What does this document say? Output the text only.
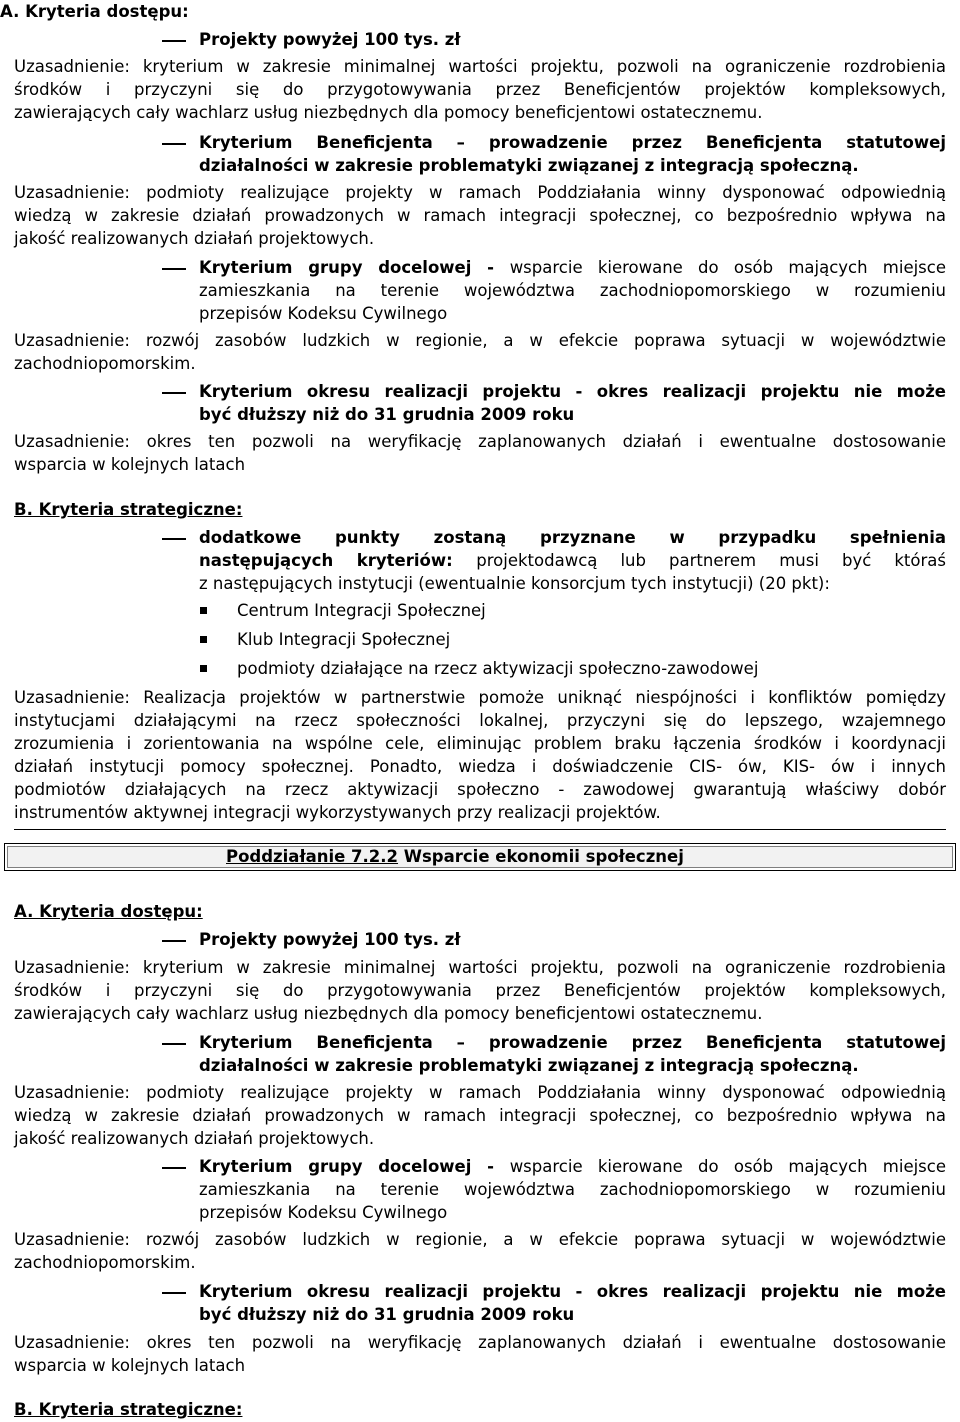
A. Kryteria dostępu:
Projekty powyżej 100 tys. zł
Uzasadnienie: kryterium w zakresie minimalnej wartości projektu, pozwoli na ograniczenie rozdrobienia
środków i przyczyni się do przygotowywania przez Beneficjentów projektów kompleksowych,
zawierających cały wachlarz usług niezbędnych dla pomocy beneficjentowi ostatecznemu.
Kryterium Beneficjenta – prowadzenie przez Beneficjenta statutowej
działalności w zakresie problematyki związanej z integracją społeczną.
Uzasadnienie: podmioty realizujące projekty w ramach Poddziałania winny dysponować odpowiednią
wiedzą w zakresie działań prowadzonych w ramach integracji społecznej, co bezpośrednio wpływa na
jakość realizowanych działań projektowych.
Kryterium grupy docelowej - wsparcie kierowane do osób mających miejsce
zamieszkania na terenie województwa zachodniopomorskiego w rozumieniu
przepisów Kodeksu Cywilnego
Uzasadnienie: rozwój zasobów ludzkich w regionie, a w efekcie poprawa sytuacji w województwie
zachodniopomorskim.
Kryterium okresu realizacji projektu - okres realizacji projektu nie może
być dłuższy niż do 31 grudnia 2009 roku
Uzasadnienie: okres ten pozwoli na weryfikację zaplanowanych działań i ewentualne dostosowanie
wsparcia w kolejnych latach
B. Kryteria strategiczne:
dodatkowe punkty zostaną przyznane w przypadku spełnienia
następujących kryteriów: projektodawcą lub partnerem musi być któraś
z następujących instytucji (ewentualnie konsorcjum tych instytucji) (20 pkt):
Centrum Integracji Społecznej
Klub Integracji Społecznej
podmioty działające na rzecz aktywizacji społeczno-zawodowej
Uzasadnienie: Realizacja projektów w partnerstwie pomoże uniknąć niespójności i konfliktów pomiędzy
instytucjami działającymi na rzecz społeczności lokalnej, przyczyni się do lepszego, wzajemnego
zrozumienia i zorientowania na wspólne cele, eliminując problem braku łączenia środków i koordynacji
działań instytucji pomocy społecznej. Ponadto, wiedza i doświadczenie CIS- ów, KIS- ów i innych
podmiotów działających na rzecz aktywizacji społeczno - zawodowej gwarantują właściwy dobór
instrumentów aktywnej integracji wykorzystywanych przy realizacji projektów.
Poddziałanie 7.2.2 Wsparcie ekonomii społecznej
A. Kryteria dostępu:
Projekty powyżej 100 tys. zł
Uzasadnienie: kryterium w zakresie minimalnej wartości projektu, pozwoli na ograniczenie rozdrobienia
środków i przyczyni się do przygotowywania przez Beneficjentów projektów kompleksowych,
zawierających cały wachlarz usług niezbędnych dla pomocy beneficjentowi ostatecznemu.
Kryterium Beneficjenta – prowadzenie przez Beneficjenta statutowej
działalności w zakresie problematyki związanej z integracją społeczną.
Uzasadnienie: podmioty realizujące projekty w ramach Poddziałania winny dysponować odpowiednią
wiedzą w zakresie działań prowadzonych w ramach integracji społecznej, co bezpośrednio wpływa na
jakość realizowanych działań projektowych.
Kryterium grupy docelowej - wsparcie kierowane do osób mających miejsce
zamieszkania na terenie województwa zachodniopomorskiego w rozumieniu
przepisów Kodeksu Cywilnego
Uzasadnienie: rozwój zasobów ludzkich w regionie, a w efekcie poprawa sytuacji w województwie
zachodniopomorskim.
Kryterium okresu realizacji projektu - okres realizacji projektu nie może
być dłuższy niż do 31 grudnia 2009 roku
Uzasadnienie: okres ten pozwoli na weryfikację zaplanowanych działań i ewentualne dostosowanie
wsparcia w kolejnych latach
B. Kryteria strategiczne:
